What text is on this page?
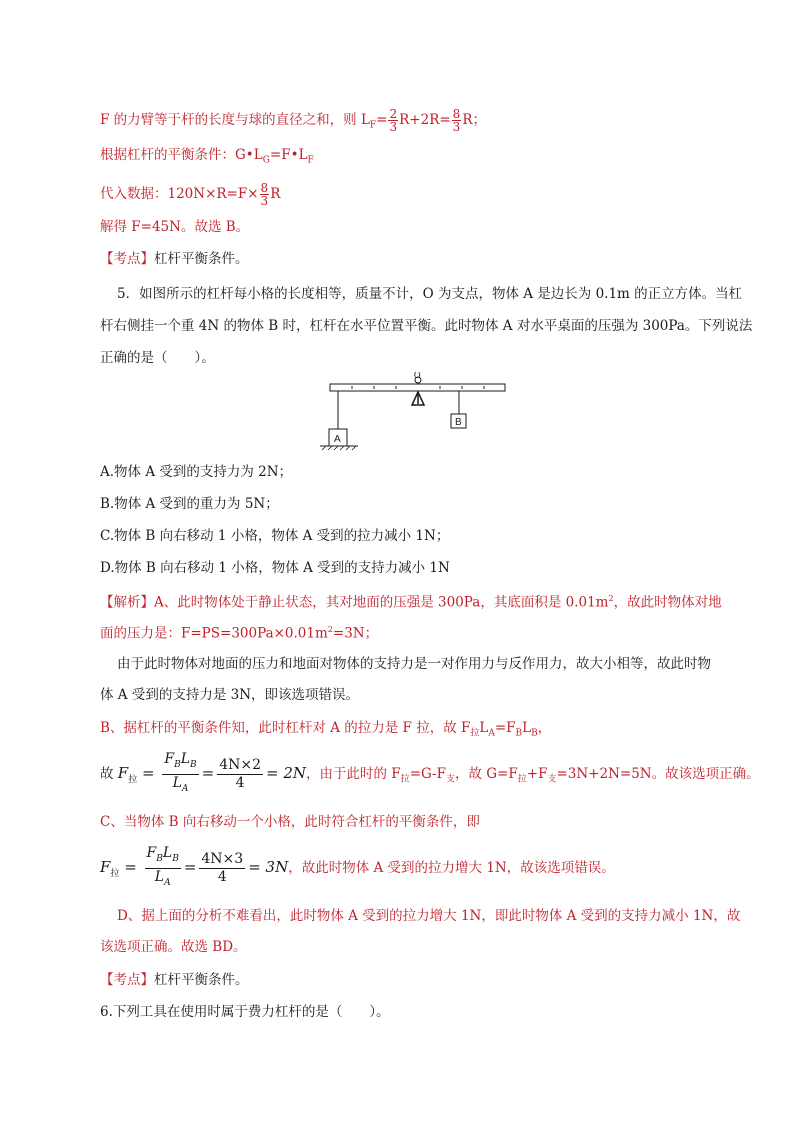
F 的力臂等于杆的长度与球的直径之和，则 $L_F= \frac{2}{3} R+2R= \frac{8}{3}$ R；
根据杠杆的平衡条件：$G•L_G=F•L_F$
代入数据：$120N\times R=F\times \frac{8}{3}$ R
解得 F=45N。故选 B。
【考点】杠杆平衡条件。
5．如图所示的杠杆每小格的长度相等，质量不计，O 为支点，物体 A 是边长为 0.1m 的正立方体。当杠
杆右侧挂一个重 4N 的物体 B 时，杠杆在水平位置平衡。此时物体 A 对水平桌面的压强为 300Pa。下列说法
正确的是（　　）。
O
A
B
A.物体 A 受到的支持力为 2N；
B.物体 A 受到的重力为 5N；
C.物体 B 向右移动 1 小格，物体 A 受到的拉力减小 1N；
D.物体 B 向右移动 1 小格，物体 A 受到的支持力减小 1N
【解析】A、此时物体处于静止状态，其对地面的压强是 300Pa，其底面积是 $0.01m^2$，故此时物体对地
面的压力是：$F=PS=300Pa\times 0.01m^2=3N$；
由于此时物体对地面的压力和地面对物体的支持力是一对作用力与反作用力，故大小相等，故此时物
体 A 受到的支持力是 3N，即该选项错误。
B、据杠杆的平衡条件知，此时杠杆对 A 的拉力是 F 拉，故 $F_拉L_A=F_BL_B$，
故 $F_拉$ =
$F_BL_B$
$L_A$
= $\frac{4N\times 2}{4} = 2N$，由于此时的 $F_拉=G-F_支$，故 $G=F_拉+F_支=3N+2N=5N$。故该选项正确。
C、当物体 B 向右移动一个小格，此时符合杠杆的平衡条件，即
$F_拉$ =
$F_BL_B$
$L_A$
= $\frac{4N\times 3}{4} = 3N$，故此时物体 A 受到的拉力增大 1N，故该选项错误。
D、据上面的分析不难看出，此时物体 A 受到的拉力增大 1N，即此时物体 A 受到的支持力减小 1N，故
该选项正确。故选 BD。
【考点】杠杆平衡条件。
6.下列工具在使用时属于费力杠杆的是（　　）。
